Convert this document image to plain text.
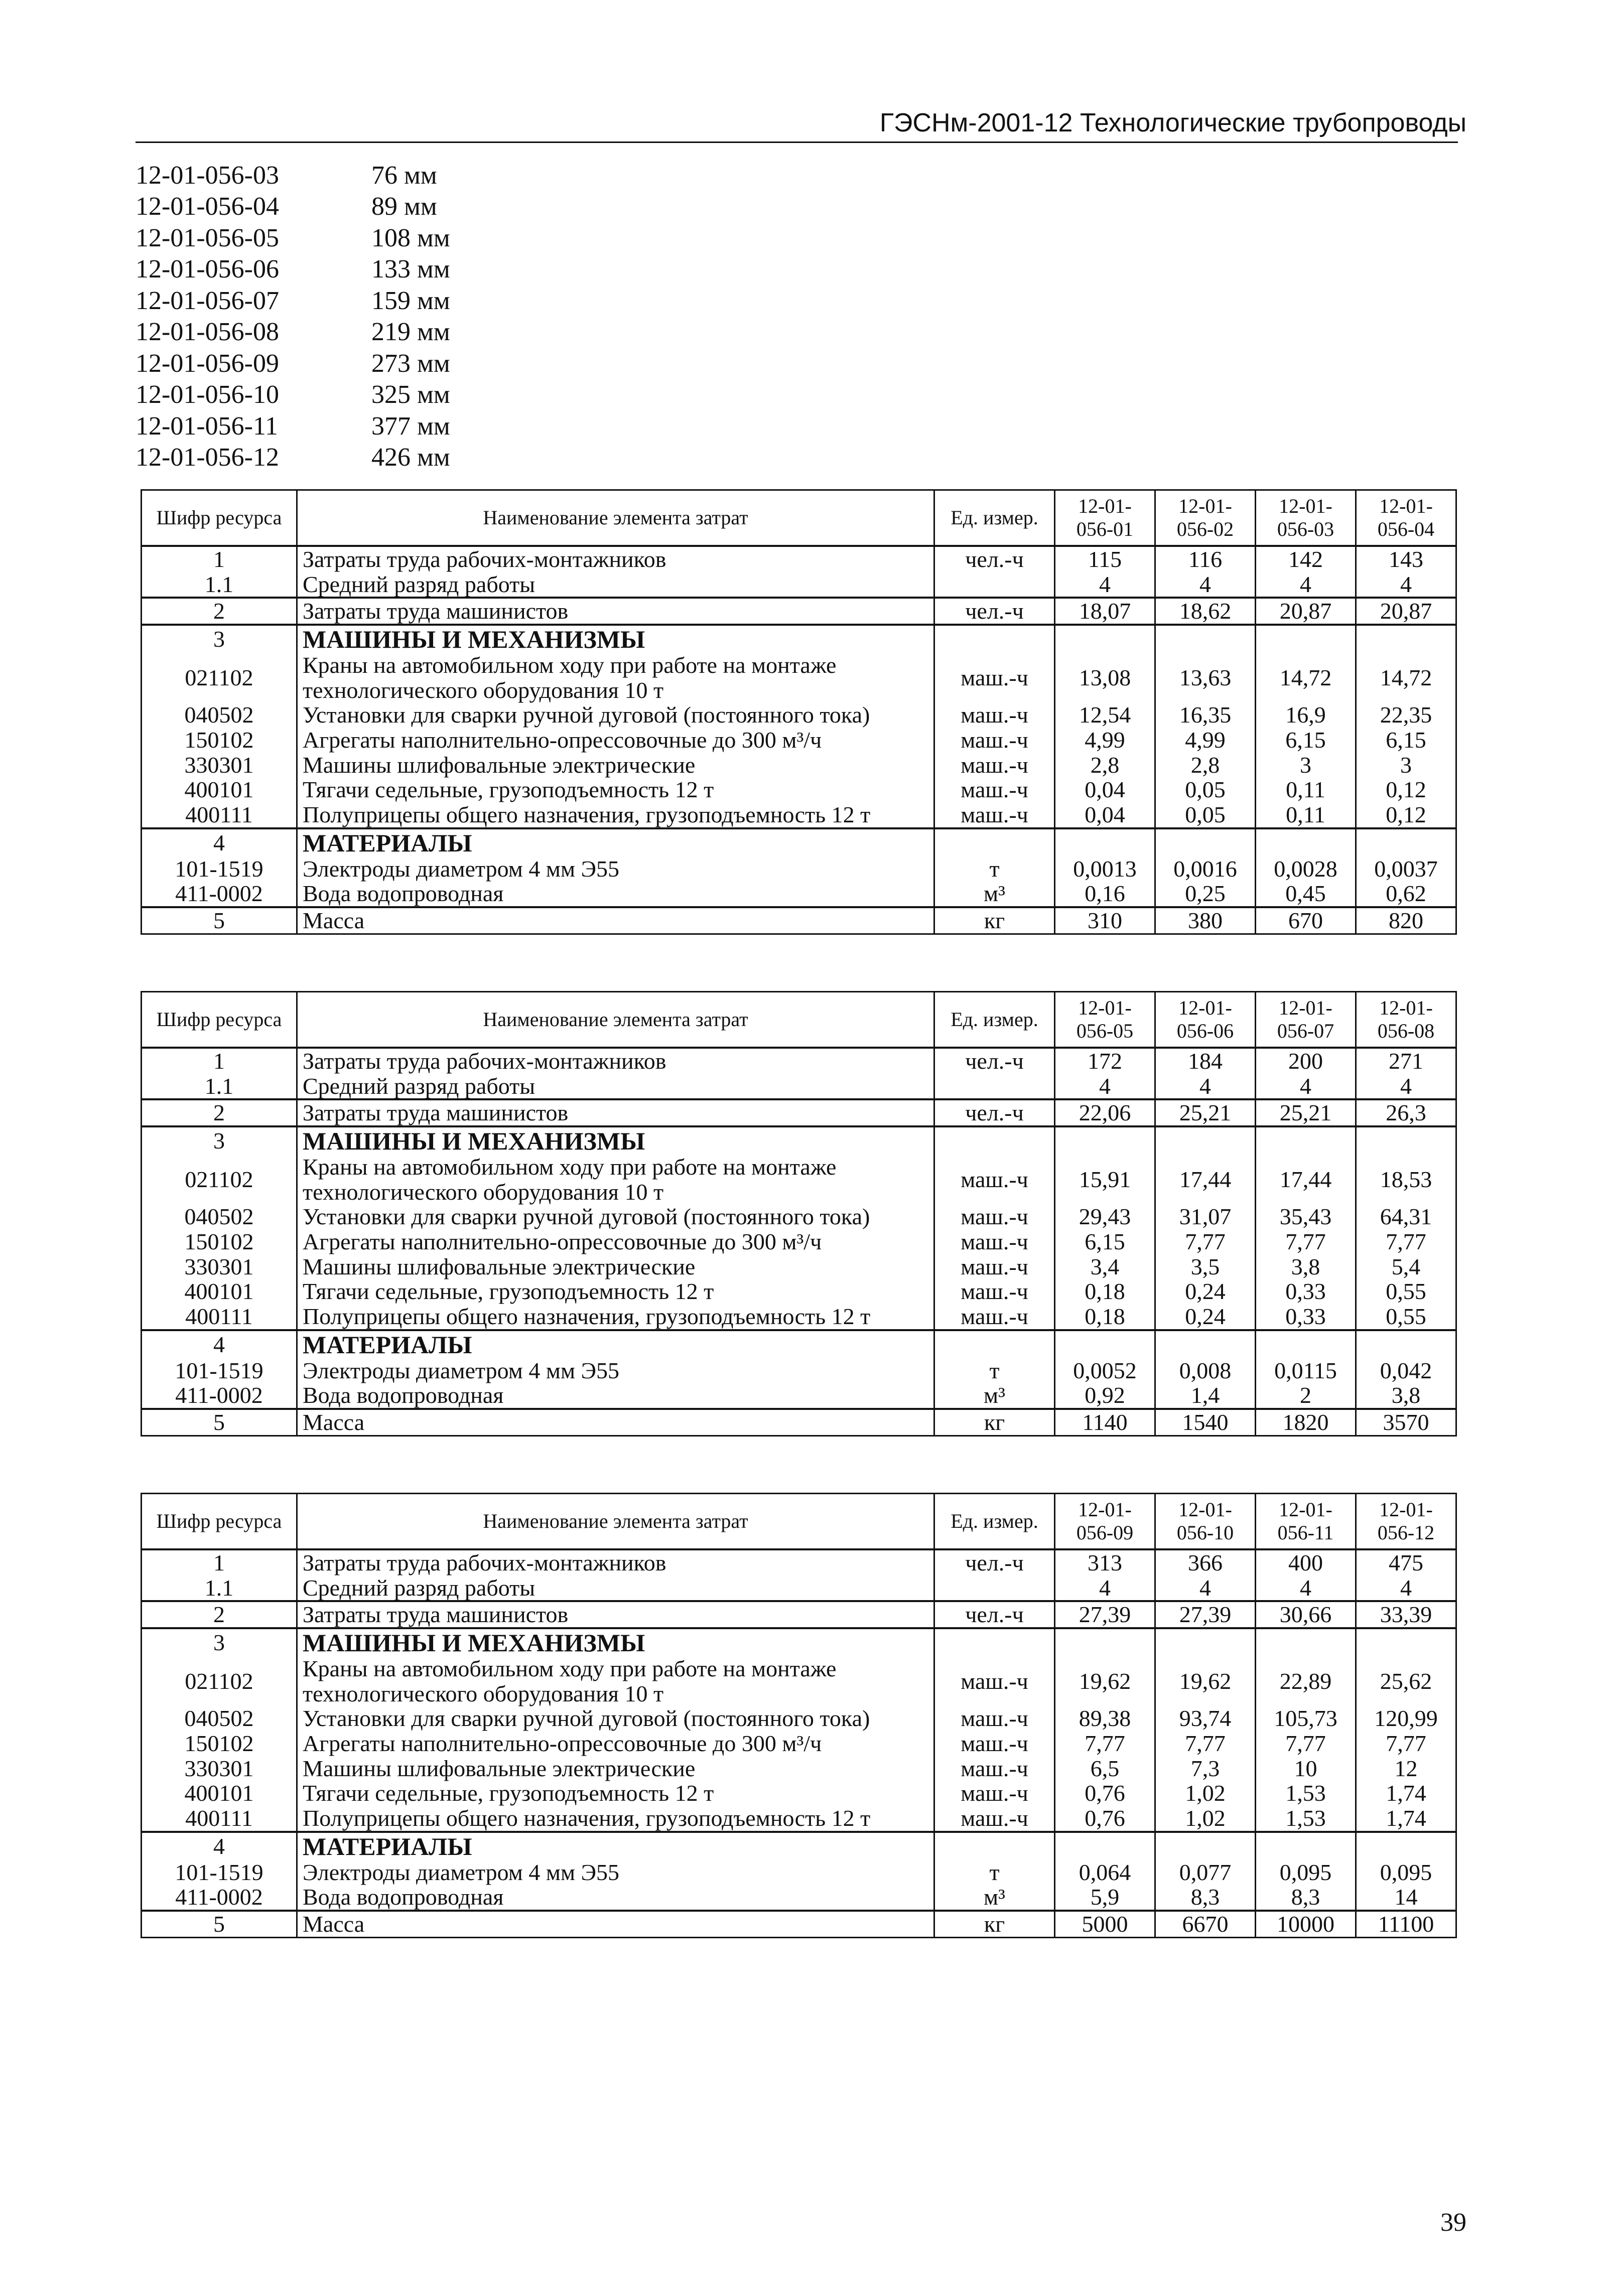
ГЭСНм-2001-12 Технологические трубопроводы
12-01-056-03	76 мм
12-01-056-04	89 мм
12-01-056-05	108 мм
12-01-056-06	133 мм
12-01-056-07	159 мм
12-01-056-08	219 мм
12-01-056-09	273 мм
12-01-056-10	325 мм
12-01-056-11	377 мм
12-01-056-12	426 мм
Шифр ресурса	Наименование элемента затрат	Ед. измер.	12-01-056-01	12-01-056-02	12-01-056-03	12-01-056-04
1	Затраты труда рабочих-монтажников	чел.-ч	115	116	142	143
1.1	Средний разряд работы		4	4	4	4
2	Затраты труда машинистов	чел.-ч	18,07	18,62	20,87	20,87
3	МАШИНЫ И МЕХАНИЗМЫ					
021102	Краны на автомобильном ходу при работе на монтаже технологического оборудования 10 т	маш.-ч	13,08	13,63	14,72	14,72
040502	Установки для сварки ручной дуговой (постоянного тока)	маш.-ч	12,54	16,35	16,9	22,35
150102	Агрегаты наполнительно-опрессовочные до 300 м³/ч	маш.-ч	4,99	4,99	6,15	6,15
330301	Машины шлифовальные электрические	маш.-ч	2,8	2,8	3	3
400101	Тягачи седельные, грузоподъемность 12 т	маш.-ч	0,04	0,05	0,11	0,12
400111	Полуприцепы общего назначения, грузоподъемность 12 т	маш.-ч	0,04	0,05	0,11	0,12
4	МАТЕРИАЛЫ					
101-1519	Электроды диаметром 4 мм Э55	т	0,0013	0,0016	0,0028	0,0037
411-0002	Вода водопроводная	м³	0,16	0,25	0,45	0,62
5	Масса	кг	310	380	670	820
Шифр ресурса	Наименование элемента затрат	Ед. измер.	12-01-056-05	12-01-056-06	12-01-056-07	12-01-056-08
1	Затраты труда рабочих-монтажников	чел.-ч	172	184	200	271
1.1	Средний разряд работы		4	4	4	4
2	Затраты труда машинистов	чел.-ч	22,06	25,21	25,21	26,3
3	МАШИНЫ И МЕХАНИЗМЫ					
021102	Краны на автомобильном ходу при работе на монтаже технологического оборудования 10 т	маш.-ч	15,91	17,44	17,44	18,53
040502	Установки для сварки ручной дуговой (постоянного тока)	маш.-ч	29,43	31,07	35,43	64,31
150102	Агрегаты наполнительно-опрессовочные до 300 м³/ч	маш.-ч	6,15	7,77	7,77	7,77
330301	Машины шлифовальные электрические	маш.-ч	3,4	3,5	3,8	5,4
400101	Тягачи седельные, грузоподъемность 12 т	маш.-ч	0,18	0,24	0,33	0,55
400111	Полуприцепы общего назначения, грузоподъемность 12 т	маш.-ч	0,18	0,24	0,33	0,55
4	МАТЕРИАЛЫ					
101-1519	Электроды диаметром 4 мм Э55	т	0,0052	0,008	0,0115	0,042
411-0002	Вода водопроводная	м³	0,92	1,4	2	3,8
5	Масса	кг	1140	1540	1820	3570
Шифр ресурса	Наименование элемента затрат	Ед. измер.	12-01-056-09	12-01-056-10	12-01-056-11	12-01-056-12
1	Затраты труда рабочих-монтажников	чел.-ч	313	366	400	475
1.1	Средний разряд работы		4	4	4	4
2	Затраты труда машинистов	чел.-ч	27,39	27,39	30,66	33,39
3	МАШИНЫ И МЕХАНИЗМЫ					
021102	Краны на автомобильном ходу при работе на монтаже технологического оборудования 10 т	маш.-ч	19,62	19,62	22,89	25,62
040502	Установки для сварки ручной дуговой (постоянного тока)	маш.-ч	89,38	93,74	105,73	120,99
150102	Агрегаты наполнительно-опрессовочные до 300 м³/ч	маш.-ч	7,77	7,77	7,77	7,77
330301	Машины шлифовальные электрические	маш.-ч	6,5	7,3	10	12
400101	Тягачи седельные, грузоподъемность 12 т	маш.-ч	0,76	1,02	1,53	1,74
400111	Полуприцепы общего назначения, грузоподъемность 12 т	маш.-ч	0,76	1,02	1,53	1,74
4	МАТЕРИАЛЫ					
101-1519	Электроды диаметром 4 мм Э55	т	0,064	0,077	0,095	0,095
411-0002	Вода водопроводная	м³	5,9	8,3	8,3	14
5	Масса	кг	5000	6670	10000	11100
39
